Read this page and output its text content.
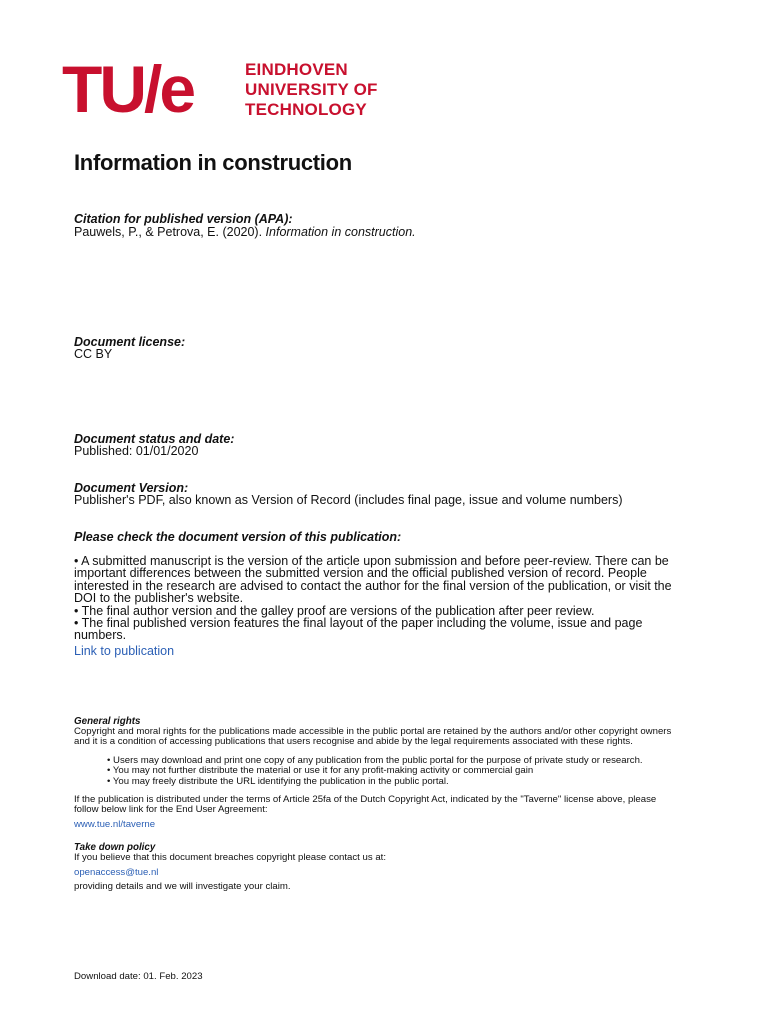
TU/e	EINDHOVEN
UNIVERSITY OF
TECHNOLOGY
Information in construction
Citation for published version (APA):
Pauwels, P., & Petrova, E. (2020). Information in construction.
Document license:
CC BY
Document status and date:
Published: 01/01/2020
Document Version:
Publisher's PDF, also known as Version of Record (includes final page, issue and volume numbers)
Please check the document version of this publication:
• A submitted manuscript is the version of the article upon submission and before peer-review. There can be
important differences between the submitted version and the official published version of record. People
interested in the research are advised to contact the author for the final version of the publication, or visit the
DOI to the publisher's website.
• The final author version and the galley proof are versions of the publication after peer review.
• The final published version features the final layout of the paper including the volume, issue and page
numbers.
Link to publication
General rights
Copyright and moral rights for the publications made accessible in the public portal are retained by the authors and/or other copyright owners
and it is a condition of accessing publications that users recognise and abide by the legal requirements associated with these rights.
• Users may download and print one copy of any publication from the public portal for the purpose of private study or research.
• You may not further distribute the material or use it for any profit-making activity or commercial gain
• You may freely distribute the URL identifying the publication in the public portal.
If the publication is distributed under the terms of Article 25fa of the Dutch Copyright Act, indicated by the "Taverne" license above, please
follow below link for the End User Agreement:
www.tue.nl/taverne
Take down policy
If you believe that this document breaches copyright please contact us at:
openaccess@tue.nl
providing details and we will investigate your claim.
Download date: 01. Feb. 2023
